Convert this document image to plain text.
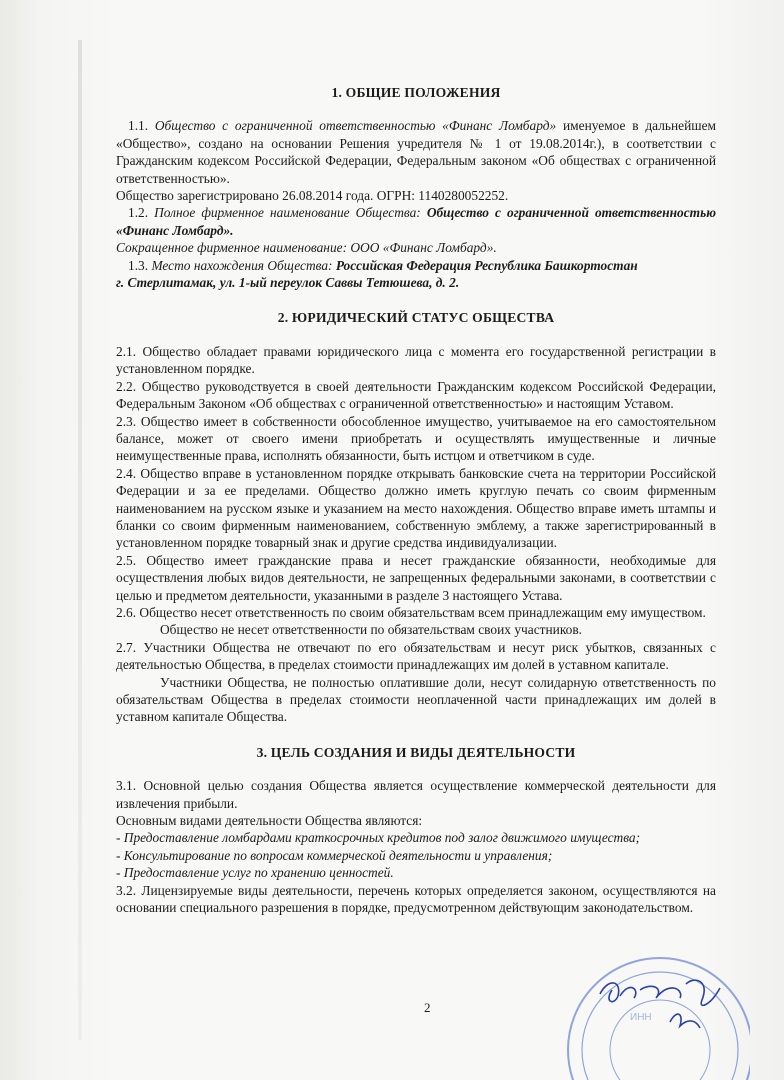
1. ОБЩИЕ ПОЛОЖЕНИЯ

1.1. Общество с ограниченной ответственностью «Финанс Ломбард» именуемое в дальнейшем «Общество», создано на основании Решения учредителя № 1 от 19.08.2014г.), в соответствии с Гражданским кодексом Российской Федерации, Федеральным законом «Об обществах с ограниченной ответственностью».

Общество зарегистрировано 26.08.2014 года. ОГРН: 1140280052252.

1.2. Полное фирменное наименование Общества: Общество с ограниченной ответственностью «Финанс Ломбард».

Сокращенное фирменное наименование: ООО «Финанс Ломбард».

1.3. Место нахождения Общества: Российская Федерация Республика Башкортостан

г. Стерлитамак, ул. 1-ый переулок Саввы Тетюшева, д. 2.

2. ЮРИДИЧЕСКИЙ СТАТУС ОБЩЕСТВА

2.1. Общество обладает правами юридического лица с момента его государственной регистрации в установленном порядке.

2.2. Общество руководствуется в своей деятельности Гражданским кодексом Российской Федерации, Федеральным Законом «Об обществах с ограниченной ответственностью» и настоящим Уставом.

2.3. Общество имеет в собственности обособленное имущество, учитываемое на его самостоятельном балансе, может от своего имени приобретать и осуществлять имущественные и личные неимущественные права, исполнять обязанности, быть истцом и ответчиком в суде.

2.4. Общество вправе в установленном порядке открывать банковские счета на территории Российской Федерации и за ее пределами. Общество должно иметь круглую печать со своим фирменным наименованием на русском языке и указанием на место нахождения. Общество вправе иметь штампы и бланки со своим фирменным наименованием, собственную эмблему, а также зарегистрированный в установленном порядке товарный знак и другие средства индивидуализации.

2.5. Общество имеет гражданские права и несет гражданские обязанности, необходимые для осуществления любых видов деятельности, не запрещенных федеральными законами, в соответствии с целью и предметом деятельности, указанными в разделе 3 настоящего Устава.

2.6. Общество несет ответственность по своим обязательствам всем принадлежащим ему имуществом.

Общество не несет ответственности по обязательствам своих участников.

2.7. Участники Общества не отвечают по его обязательствам и несут риск убытков, связанных с деятельностью Общества, в пределах стоимости принадлежащих им долей в уставном капитале.

Участники Общества, не полностью оплатившие доли, несут солидарную ответственность по обязательствам Общества в пределах стоимости неоплаченной части принадлежащих им долей в уставном капитале Общества.

3. ЦЕЛЬ СОЗДАНИЯ И ВИДЫ ДЕЯТЕЛЬНОСТИ

3.1. Основной целью создания Общества является осуществление коммерческой деятельности для извлечения прибыли.

Основным видами деятельности Общества являются:

- Предоставление ломбардами краткосрочных кредитов под залог движимого имущества;

- Консультирование по вопросам коммерческой деятельности и управления;

- Предоставление услуг по хранению ценностей.

3.2. Лицензируемые виды деятельности, перечень которых определяется законом, осуществляются на основании специального разрешения в порядке, предусмотренном действующим законодательством.

2
ИНН
